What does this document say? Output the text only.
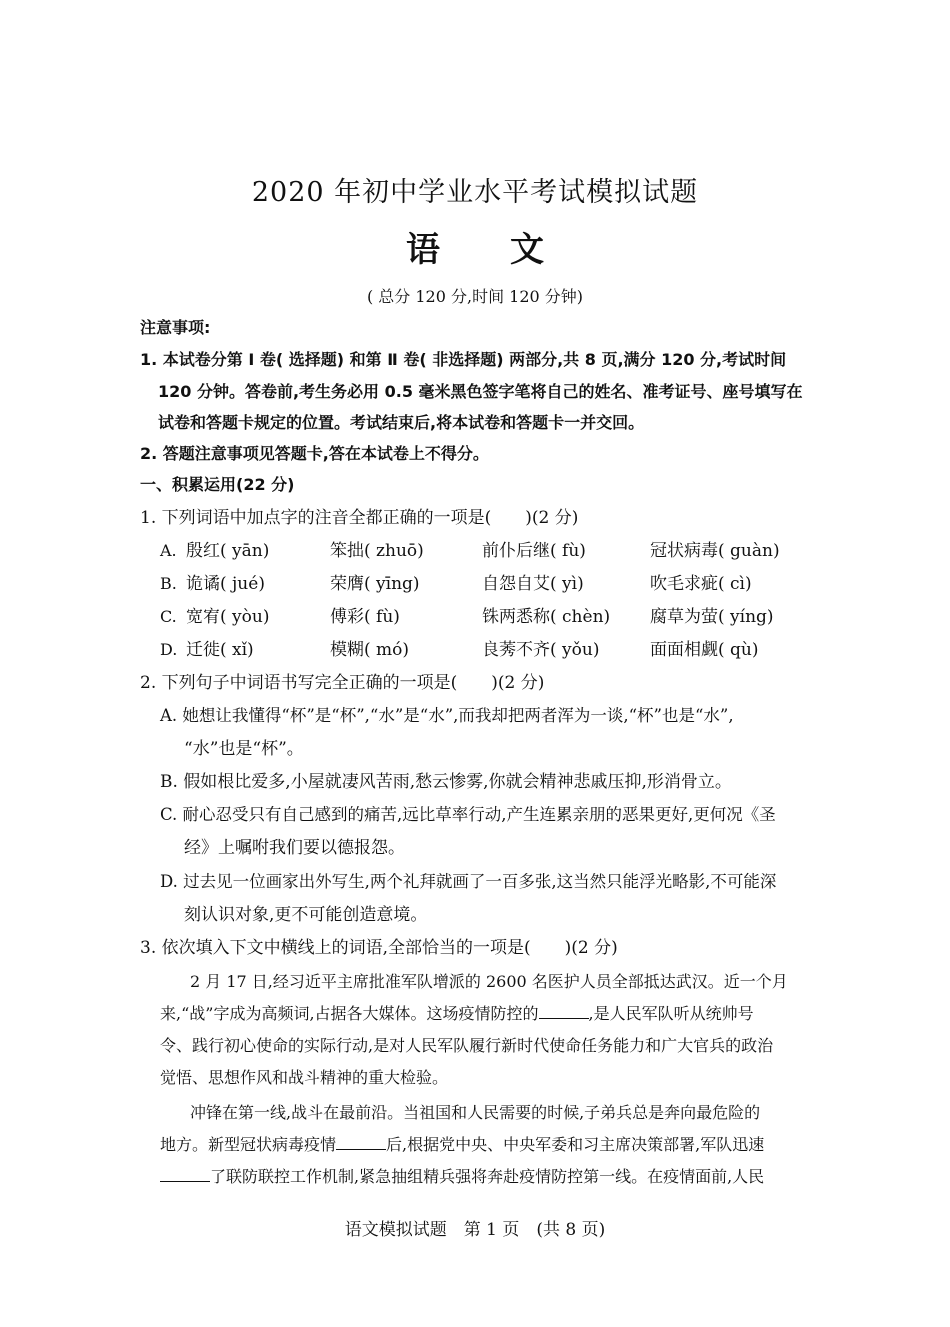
2020 年初中学业水平考试模拟试题
语文
( 总分 120 分,时间 120 分钟)
注意事项:
1. 本试卷分第 Ⅰ 卷( 选择题) 和第 Ⅱ 卷( 非选择题) 两部分,共 8 页,满分 120 分,考试时间
120 分钟。答卷前,考生务必用 0.5 毫米黑色签字笔将自己的姓名、准考证号、座号填写在
试卷和答题卡规定的位置。考试结束后,将本试卷和答题卡一并交回。
2. 答题注意事项见答题卡,答在本试卷上不得分。
一、积累运用(22 分)
1. 下列词语中加点字的注音全都正确的一项是(　　)(2 分)
A. 殷红( yān)	笨拙( zhuō)	前仆后继( fù)	冠状病毒( guàn)
B. 诡谲( jué)	荣膺( yīng)	自怨自艾( yì)	吹毛求疵( cì)
C. 宽宥( yòu)	傅彩( fù)	铢两悉称( chèn) 腐草为萤( yíng)
D. 迁徙( xǐ)	模糊( mó)	良莠不齐( yǒu)	面面相觑( qù)
2. 下列句子中词语书写完全正确的一项是(　　)(2 分)
A. 她想让我懂得“杯”是“杯”,“水”是“水”,而我却把两者浑为一谈,“杯”也是“水”,
“水”也是“杯”。
B. 假如根比爱多,小屋就凄风苦雨,愁云惨雾,你就会精神悲戚压抑,形消骨立。
C. 耐心忍受只有自己感到的痛苦,远比草率行动,产生连累亲朋的恶果更好,更何况《圣
经》上嘱咐我们要以德报怨。
D. 过去见一位画家出外写生,两个礼拜就画了一百多张,这当然只能浮光略影,不可能深
刻认识对象,更不可能创造意境。
3. 依次填入下文中横线上的词语,全部恰当的一项是(　　)(2 分)
2 月 17 日,经习近平主席批准军队增派的 2600 名医护人员全部抵达武汉。近一个月
来,“战”字成为高频词,占据各大媒体。这场疫情防控的	,是人民军队听从统帅号
令、践行初心使命的实际行动,是对人民军队履行新时代使命任务能力和广大官兵的政治
觉悟、思想作风和战斗精神的重大检验。
冲锋在第一线,战斗在最前沿。当祖国和人民需要的时候,子弟兵总是奔向最危险的
地方。新型冠状病毒疫情	后,根据党中央、中央军委和习主席决策部署,军队迅速
了联防联控工作机制,紧急抽组精兵强将奔赴疫情防控第一线。在疫情面前,人民
语文模拟试题　第 1 页　(共 8 页)
